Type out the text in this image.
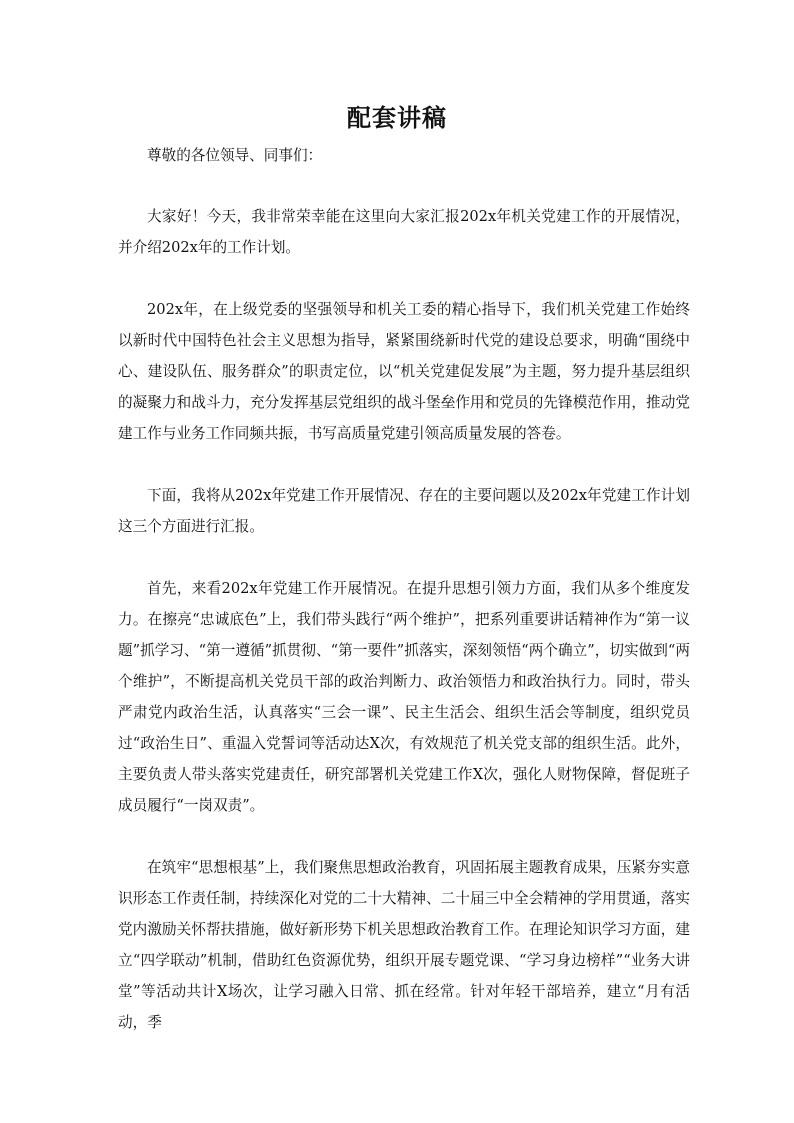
配套讲稿

尊敬的各位领导、同事们：

大家好！今天，我非常荣幸能在这里向大家汇报202x年机关党建工作的开展情况，并介绍202x年的工作计划。

202x年，在上级党委的坚强领导和机关工委的精心指导下，我们机关党建工作始终以新时代中国特色社会主义思想为指导，紧紧围绕新时代党的建设总要求，明确“围绕中心、建设队伍、服务群众”的职责定位，以“机关党建促发展”为主题，努力提升基层组织的凝聚力和战斗力，充分发挥基层党组织的战斗堡垒作用和党员的先锋模范作用，推动党建工作与业务工作同频共振，书写高质量党建引领高质量发展的答卷。

下面，我将从202x年党建工作开展情况、存在的主要问题以及202x年党建工作计划这三个方面进行汇报。

首先，来看202x年党建工作开展情况。在提升思想引领力方面，我们从多个维度发力。在擦亮“忠诚底色”上，我们带头践行“两个维护”，把系列重要讲话精神作为“第一议题”抓学习、“第一遵循”抓贯彻、“第一要件”抓落实，深刻领悟“两个确立”，切实做到“两个维护”，不断提高机关党员干部的政治判断力、政治领悟力和政治执行力。同时，带头严肃党内政治生活，认真落实“三会一课”、民主生活会、组织生活会等制度，组织党员过“政治生日”、重温入党誓词等活动达X次，有效规范了机关党支部的组织生活。此外，主要负责人带头落实党建责任，研究部署机关党建工作X次，强化人财物保障，督促班子成员履行“一岗双责”。

在筑牢“思想根基”上，我们聚焦思想政治教育，巩固拓展主题教育成果，压紧夯实意识形态工作责任制，持续深化对党的二十大精神、二十届三中全会精神的学用贯通，落实党内激励关怀帮扶措施，做好新形势下机关思想政治教育工作。在理论知识学习方面，建立“四学联动”机制，借助红色资源优势，组织开展专题党课、“学习身边榜样”“业务大讲堂”等活动共计X场次，让学习融入日常、抓在经常。针对年轻干部培养，建立“月有活动，季
